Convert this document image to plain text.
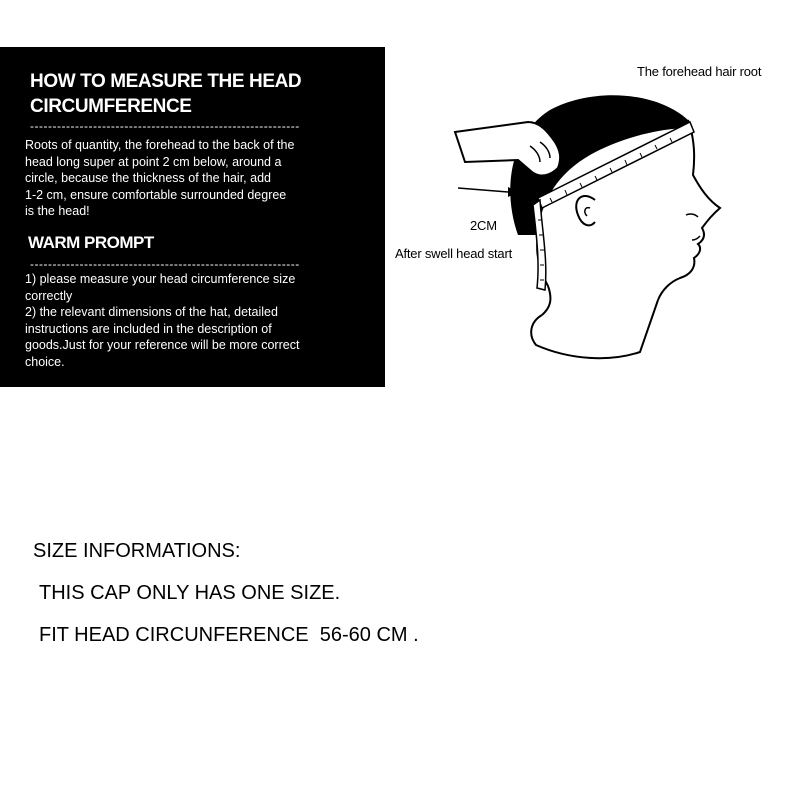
HOW TO MEASURE THE HEAD
CIRCUMFERENCE
------------------------------------------------------------

Roots of quantity, the forehead to the back of the
head long super at point 2 cm below, around a
circle, because the thickness of the hair, add
1-2 cm, ensure comfortable surrounded degree
is the head!

WARM PROMPT
------------------------------------------------------------

1) please measure your head circumference size
correctly
2) the relevant dimensions of the hat, detailed
instructions are included in the description of
goods.Just for your reference will be more correct
choice.

The forehead hair root
2CM
After swell head start
SIZE INFORMATIONS:
THIS CAP ONLY HAS ONE SIZE.
FIT HEAD CIRCUNFERENCE  56-60 CM .
